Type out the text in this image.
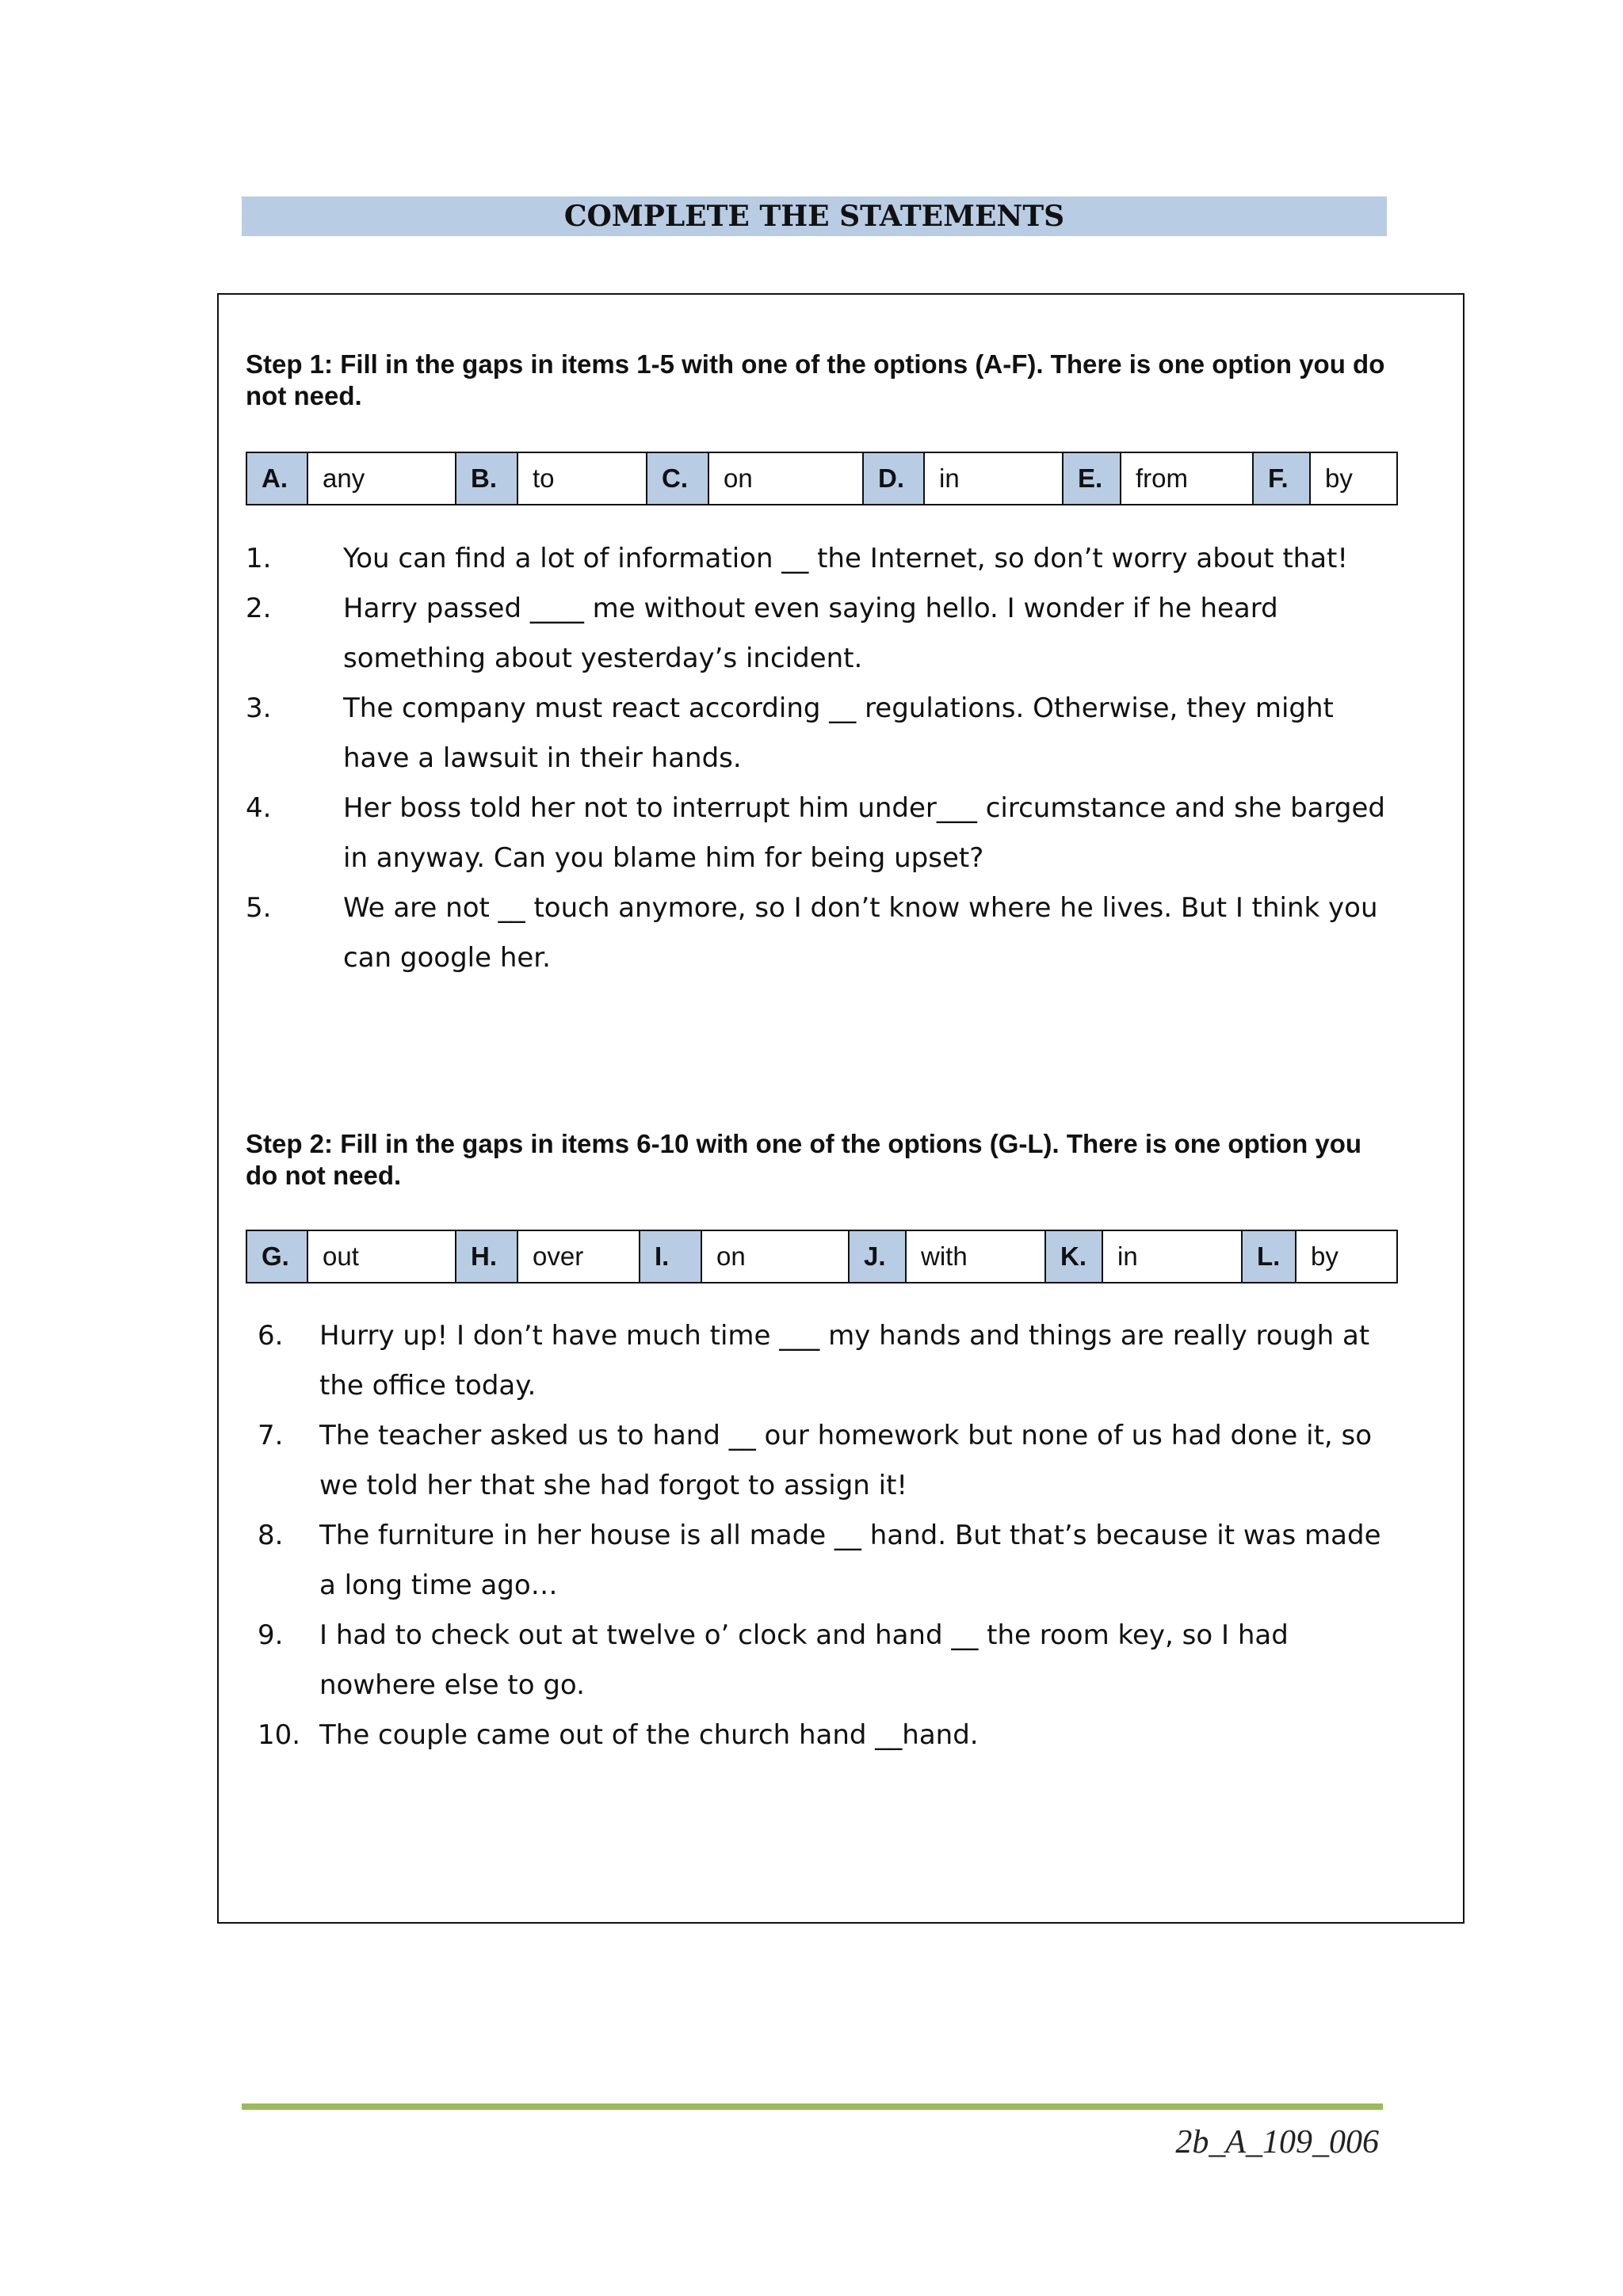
COMPLETE THE STATEMENTS
Step 1: Fill in the gaps in items 1-5 with one of the options (A-F). There is one option you do not need.
A.	any	B.	to	C.	on	D.	in	E.	from	F.	by
1.	You can find a lot of information __ the Internet, so don’t worry about that!
2.	Harry passed ____ me without even saying hello. I wonder if he heard something about yesterday’s incident.
3.	The company must react according __ regulations. Otherwise, they might have a lawsuit in their hands.
4.	Her boss told her not to interrupt him under___ circumstance and she barged in anyway. Can you blame him for being upset?
5.	We are not __ touch anymore, so I don’t know where he lives. But I think you can google her.
Step 2: Fill in the gaps in items 6-10 with one of the options (G-L). There is one option you do not need.
G.	out	H.	over	I.	on	J.	with	K.	in	L.	by
6. Hurry up! I don’t have much time ___ my hands and things are really rough at the office today.
7. The teacher asked us to hand __ our homework but none of us had done it, so we told her that she had forgot to assign it!
8. The furniture in her house is all made __ hand. But that’s because it was made a long time ago…
9. I had to check out at twelve o’ clock and hand __ the room key, so I had nowhere else to go.
10. The couple came out of the church hand __hand.
2b_A_109_006
